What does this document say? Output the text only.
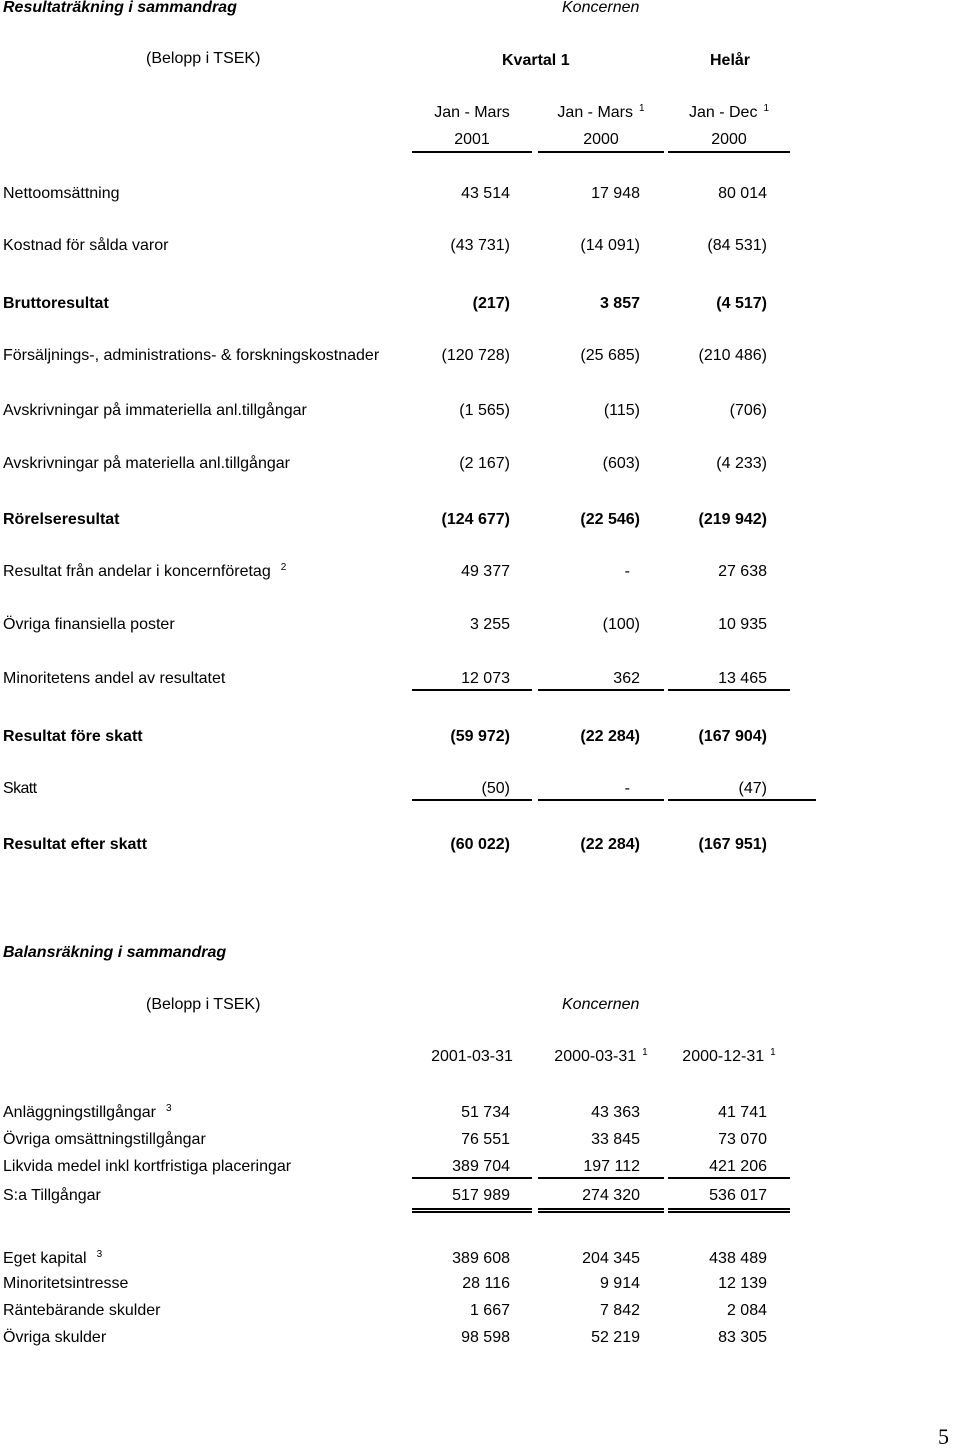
Resultaträkning i sammandrag	Koncernen
(Belopp i TSEK)	Kvartal 1	Helår
Jan - Mars	Jan - Mars $^1$	Jan - Dec $^1$
2001	2000	2000
Nettoomsättning	43 514	17 948	80 014
Kostnad för sålda varor	(43 731)	(14 091)	(84 531)
Bruttoresultat	(217)	3 857	(4 517)
Försäljnings-, administrations- & forskningskostnader	(120 728)	(25 685)	(210 486)
Avskrivningar på immateriella anl.tillgångar	(1 565)	(115)	(706)
Avskrivningar på materiella anl.tillgångar	(2 167)	(603)	(4 233)
Rörelseresultat	(124 677)	(22 546)	(219 942)
Resultat från andelar i koncernföretag $^2$	49 377	-	27 638
Övriga finansiella poster	3 255	(100)	10 935
Minoritetens andel av resultatet	12 073	362	13 465
Resultat före skatt	(59 972)	(22 284)	(167 904)
Skatt	(50)	-	(47)
Resultat efter skatt	(60 022)	(22 284)	(167 951)
Balansräkning i sammandrag
(Belopp i TSEK)	Koncernen
2001-03-31	2000-03-31 $^1$	2000-12-31 $^1$
Anläggningstillgångar $^3$	51 734	43 363	41 741
Övriga omsättningstillgångar	76 551	33 845	73 070
Likvida medel inkl kortfristiga placeringar	389 704	197 112	421 206
S:a Tillgångar	517 989	274 320	536 017
Eget kapital $^3$	389 608	204 345	438 489
Minoritetsintresse	28 116	9 914	12 139
Räntebärande skulder	1 667	7 842	2 084
Övriga skulder	98 598	52 219	83 305
5
